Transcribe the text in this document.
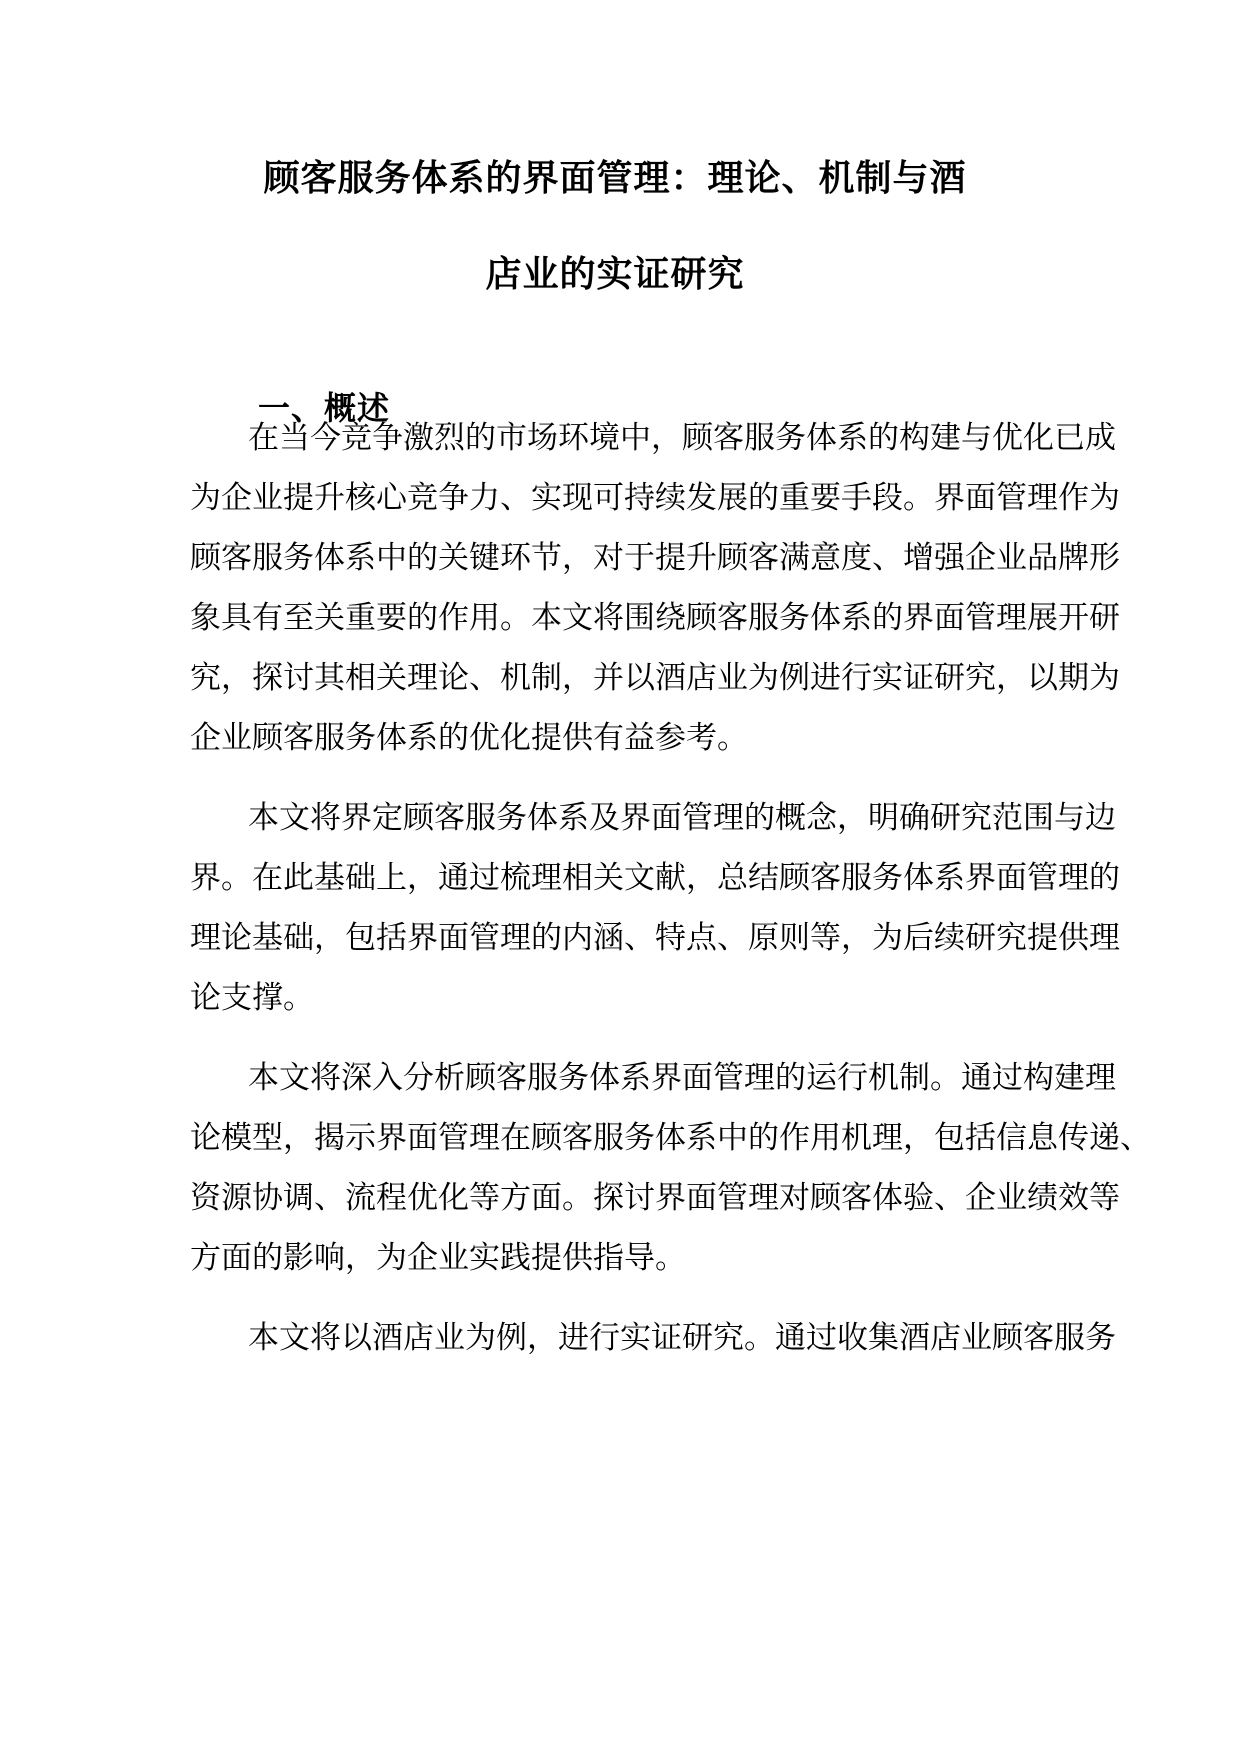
顾客服务体系的界面管理：理论、机制与酒
店业的实证研究
一、概述
在当今竞争激烈的市场环境中，顾客服务体系的构建与优化已成
为企业提升核心竞争力、实现可持续发展的重要手段。界面管理作为
顾客服务体系中的关键环节，对于提升顾客满意度、增强企业品牌形
象具有至关重要的作用。本文将围绕顾客服务体系的界面管理展开研
究，探讨其相关理论、机制，并以酒店业为例进行实证研究，以期为
企业顾客服务体系的优化提供有益参考。
本文将界定顾客服务体系及界面管理的概念，明确研究范围与边
界。在此基础上，通过梳理相关文献，总结顾客服务体系界面管理的
理论基础，包括界面管理的内涵、特点、原则等，为后续研究提供理
论支撑。
本文将深入分析顾客服务体系界面管理的运行机制。通过构建理
论模型，揭示界面管理在顾客服务体系中的作用机理，包括信息传递、
资源协调、流程优化等方面。探讨界面管理对顾客体验、企业绩效等
方面的影响，为企业实践提供指导。
本文将以酒店业为例，进行实证研究。通过收集酒店业顾客服务
